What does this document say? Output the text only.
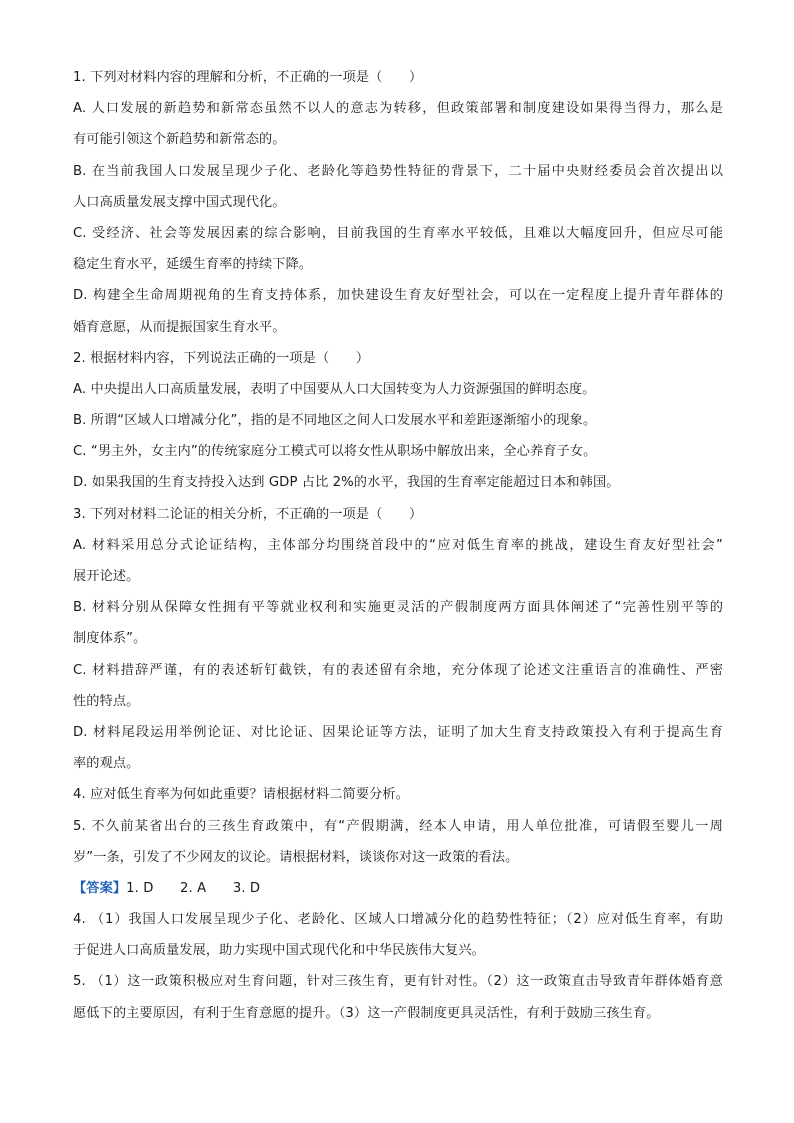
1. 下列对材料内容的理解和分析，不正确的一项是（　　）
A. 人口发展的新趋势和新常态虽然不以人的意志为转移，但政策部署和制度建设如果得当得力，那么是
有可能引领这个新趋势和新常态的。
B. 在当前我国人口发展呈现少子化、老龄化等趋势性特征的背景下，二十届中央财经委员会首次提出以
人口高质量发展支撑中国式现代化。
C. 受经济、社会等发展因素的综合影响，目前我国的生育率水平较低，且难以大幅度回升，但应尽可能
稳定生育水平，延缓生育率的持续下降。
D. 构建全生命周期视角的生育支持体系，加快建设生育友好型社会，可以在一定程度上提升青年群体的
婚育意愿，从而提振国家生育水平。
2. 根据材料内容，下列说法正确的一项是（　　）
A. 中央提出人口高质量发展，表明了中国要从人口大国转变为人力资源强国的鲜明态度。
B. 所谓“区域人口增减分化”，指的是不同地区之间人口发展水平和差距逐渐缩小的现象。
C. “男主外，女主内”的传统家庭分工模式可以将女性从职场中解放出来，全心养育子女。
D. 如果我国的生育支持投入达到 GDP 占比 2%的水平，我国的生育率定能超过日本和韩国。
3. 下列对材料二论证的相关分析，不正确的一项是（　　）
A. 材料采用总分式论证结构，主体部分均围绕首段中的“应对低生育率的挑战，建设生育友好型社会”
展开论述。
B. 材料分别从保障女性拥有平等就业权利和实施更灵活的产假制度两方面具体阐述了“完善性别平等的
制度体系”。
C. 材料措辞严谨，有的表述斩钉截铁，有的表述留有余地，充分体现了论述文注重语言的准确性、严密
性的特点。
D. 材料尾段运用举例论证、对比论证、因果论证等方法，证明了加大生育支持政策投入有利于提高生育
率的观点。
4. 应对低生育率为何如此重要？请根据材料二简要分析。
5. 不久前某省出台的三孩生育政策中，有“产假期满，经本人申请，用人单位批准，可请假至婴儿一周
岁”一条，引发了不少网友的议论。请根据材料，谈谈你对这一政策的看法。
【答案】1. D　　2. A　　3. D
4. （1）我国人口发展呈现少子化、老龄化、区域人口增减分化的趋势性特征；（2）应对低生育率，有助
于促进人口高质量发展，助力实现中国式现代化和中华民族伟大复兴。
5. （1）这一政策积极应对生育问题，针对三孩生育，更有针对性。（2）这一政策直击导致青年群体婚育意
愿低下的主要原因，有利于生育意愿的提升。（3）这一产假制度更具灵活性，有利于鼓励三孩生育。
